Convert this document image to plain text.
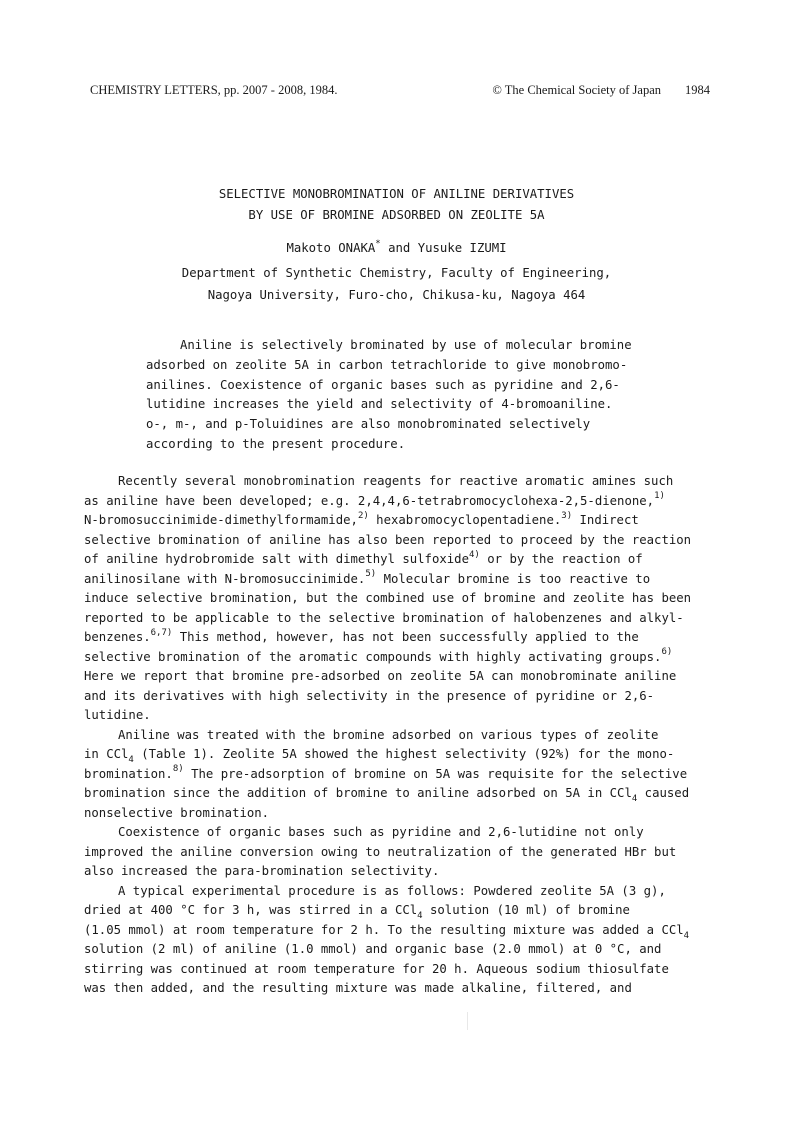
CHEMISTRY LETTERS, pp. 2007 - 2008, 1984.	© The Chemical Society of Japan 1984
SELECTIVE MONOBROMINATION OF ANILINE DERIVATIVES
BY USE OF BROMINE ADSORBED ON ZEOLITE 5A
Makoto ONAKA* and Yusuke IZUMI
Department of Synthetic Chemistry, Faculty of Engineering,
Nagoya University, Furo-cho, Chikusa-ku, Nagoya 464
Aniline is selectively brominated by use of molecular bromine
adsorbed on zeolite 5A in carbon tetrachloride to give monobromo-
anilines. Coexistence of organic bases such as pyridine and 2,6-
lutidine increases the yield and selectivity of 4-bromoaniline.
o-, m-, and p-Toluidines are also monobrominated selectively
according to the present procedure.
Recently several monobromination reagents for reactive aromatic amines such
as aniline have been developed; e.g. 2,4,4,6-tetrabromocyclohexa-2,5-dienone,$^{1)}$
N-bromosuccinimide-dimethylformamide,$^{2)}$ hexabromocyclopentadiene.$^{3)}$ Indirect
selective bromination of aniline has also been reported to proceed by the reaction
of aniline hydrobromide salt with dimethyl sulfoxide$^{4)}$ or by the reaction of
anilinosilane with N-bromosuccinimide.$^{5)}$ Molecular bromine is too reactive to
induce selective bromination, but the combined use of bromine and zeolite has been
reported to be applicable to the selective bromination of halobenzenes and alkyl-
benzenes.$^{6,7)}$ This method, however, has not been successfully applied to the
selective bromination of the aromatic compounds with highly activating groups.$^{6)}$
Here we report that bromine pre-adsorbed on zeolite 5A can monobrominate aniline
and its derivatives with high selectivity in the presence of pyridine or 2,6-
lutidine.
Aniline was treated with the bromine adsorbed on various types of zeolite
in CCl$_4$ (Table 1). Zeolite 5A showed the highest selectivity (92%) for the mono-
bromination.$^{8)}$ The pre-adsorption of bromine on 5A was requisite for the selective
bromination since the addition of bromine to aniline adsorbed on 5A in CCl$_4$ caused
nonselective bromination.
Coexistence of organic bases such as pyridine and 2,6-lutidine not only
improved the aniline conversion owing to neutralization of the generated HBr but
also increased the para-bromination selectivity.
A typical experimental procedure is as follows: Powdered zeolite 5A (3 g),
dried at 400 °C for 3 h, was stirred in a CCl$_4$ solution (10 ml) of bromine
(1.05 mmol) at room temperature for 2 h. To the resulting mixture was added a CCl$_4$
solution (2 ml) of aniline (1.0 mmol) and organic base (2.0 mmol) at 0 °C, and
stirring was continued at room temperature for 20 h. Aqueous sodium thiosulfate
was then added, and the resulting mixture was made alkaline, filtered, and
